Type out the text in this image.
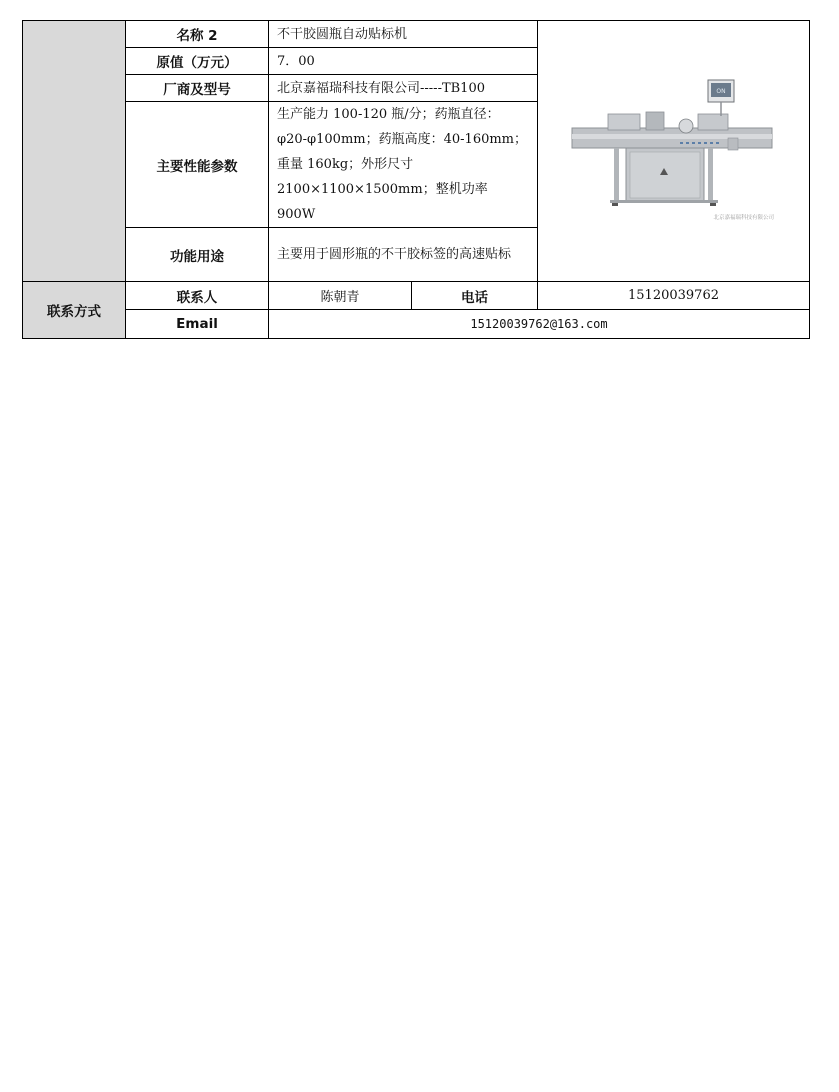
	名称 2	不干胶圆瓶自动贴标机		ON
北京嘉福瑞科技有限公司

	原值（万元）	7．00		
	厂商及型号	北京嘉福瑞科技有限公司-----TB100		
	主要性能参数	生产能力 100-120 瓶/分；药瓶直径：φ20-φ100mm；药瓶高度：40-160mm；重量 160kg；外形尺寸 2100×1100×1500mm；整机功率 900W		
	功能用途	主要用于圆形瓶的不干胶标签的高速贴标		
联系方式	联系人	陈朝青	电话	15120039762
	Email	15120039762@163.com		
